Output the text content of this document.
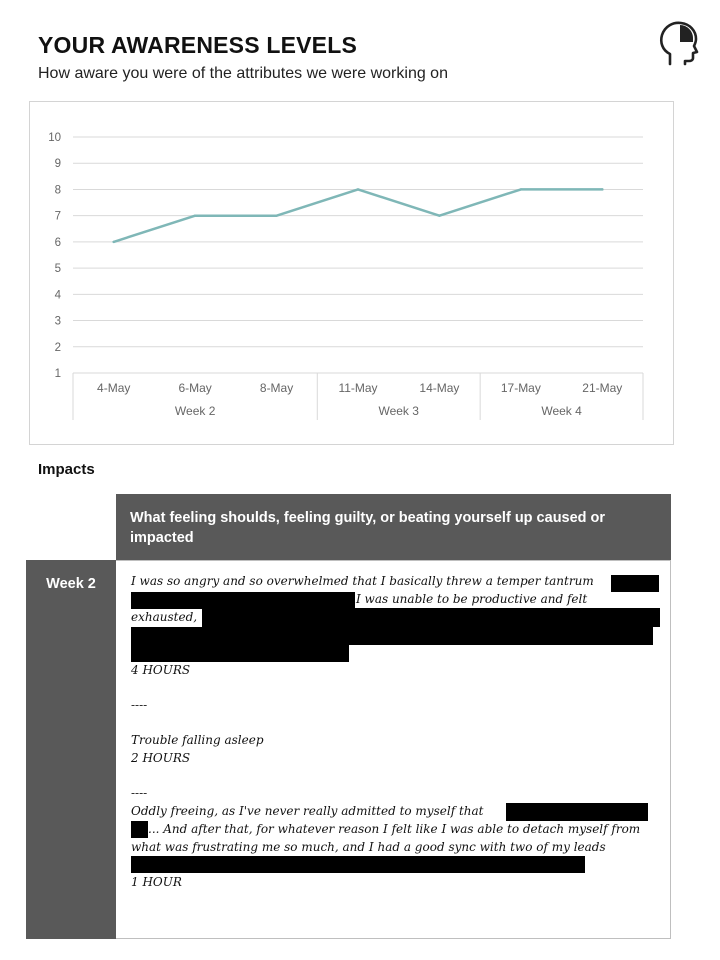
YOUR AWARENESS LEVELS
How aware you were of the attributes we were working on
1
2
3
4
5
6
7
8
9
10
4-May	6-May	8-May	11-May	14-May	17-May	21-May
Week 2	Week 3	Week 4
Impacts
What feeling shoulds, feeling guilty, or beating yourself up caused or impacted
Week 2	I was so angry and so overwhelmed that I basically threw a temper tantrum
I was unable to be productive and felt
exhausted,
4 HOURS
----
Trouble falling asleep
2 HOURS
----
Oddly freeing, as I've never really admitted to myself that
... And after that, for whatever reason I felt like I was able to detach myself from
what was frustrating me so much, and I had a good sync with two of my leads
1 HOUR
